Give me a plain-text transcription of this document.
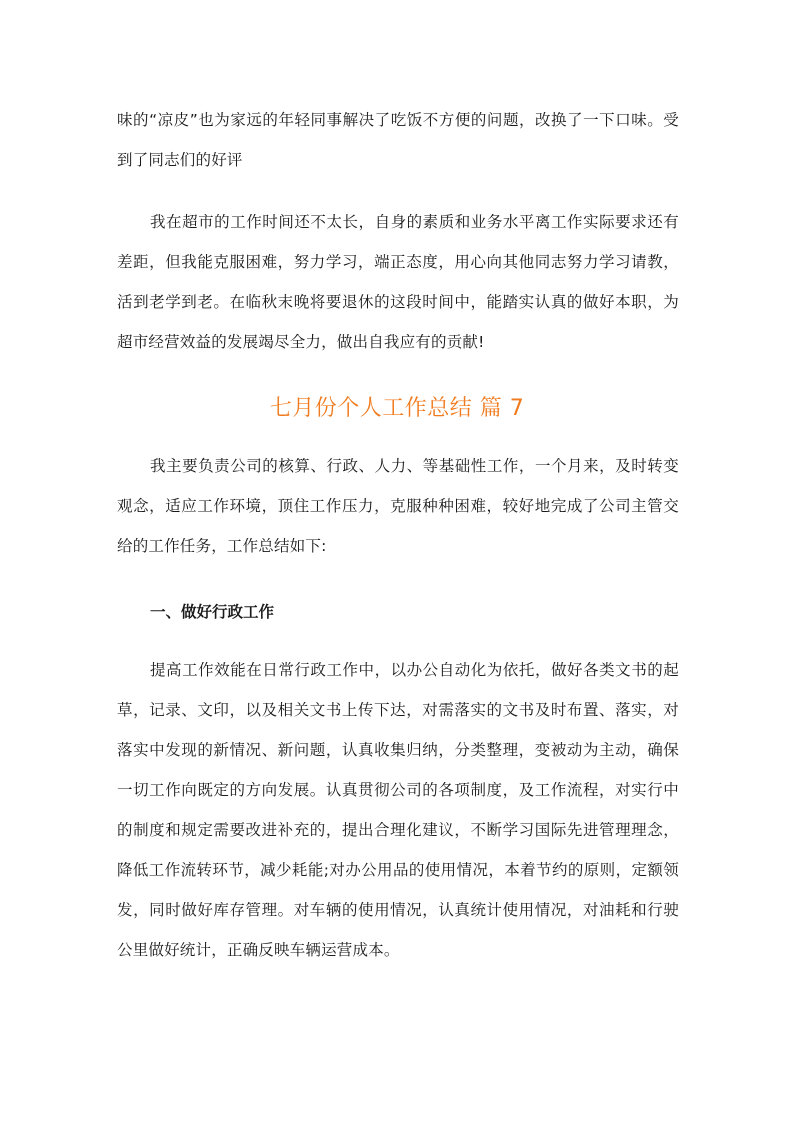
味的“凉皮”也为家远的年轻同事解决了吃饭不方便的问题，改换了一下口味。受到了同志们的好评

我在超市的工作时间还不太长，自身的素质和业务水平离工作实际要求还有差距，但我能克服困难，努力学习，端正态度，用心向其他同志努力学习请教，活到老学到老。在临秋末晚将要退休的这段时间中，能踏实认真的做好本职，为超市经营效益的发展竭尽全力，做出自我应有的贡献!

七月份个人工作总结 篇 7

我主要负责公司的核算、行政、人力、等基础性工作，一个月来，及时转变观念，适应工作环境，顶住工作压力，克服种种困难，较好地完成了公司主管交给的工作任务，工作总结如下:

一、做好行政工作

提高工作效能在日常行政工作中，以办公自动化为依托，做好各类文书的起草，记录、文印，以及相关文书上传下达，对需落实的文书及时布置、落实，对落实中发现的新情况、新问题，认真收集归纳，分类整理，变被动为主动，确保一切工作向既定的方向发展。认真贯彻公司的各项制度，及工作流程，对实行中的制度和规定需要改进补充的，提出合理化建议，不断学习国际先进管理理念，降低工作流转环节，减少耗能;对办公用品的使用情况，本着节约的原则，定额领发，同时做好库存管理。对车辆的使用情况，认真统计使用情况，对油耗和行驶公里做好统计，正确反映车辆运营成本。
